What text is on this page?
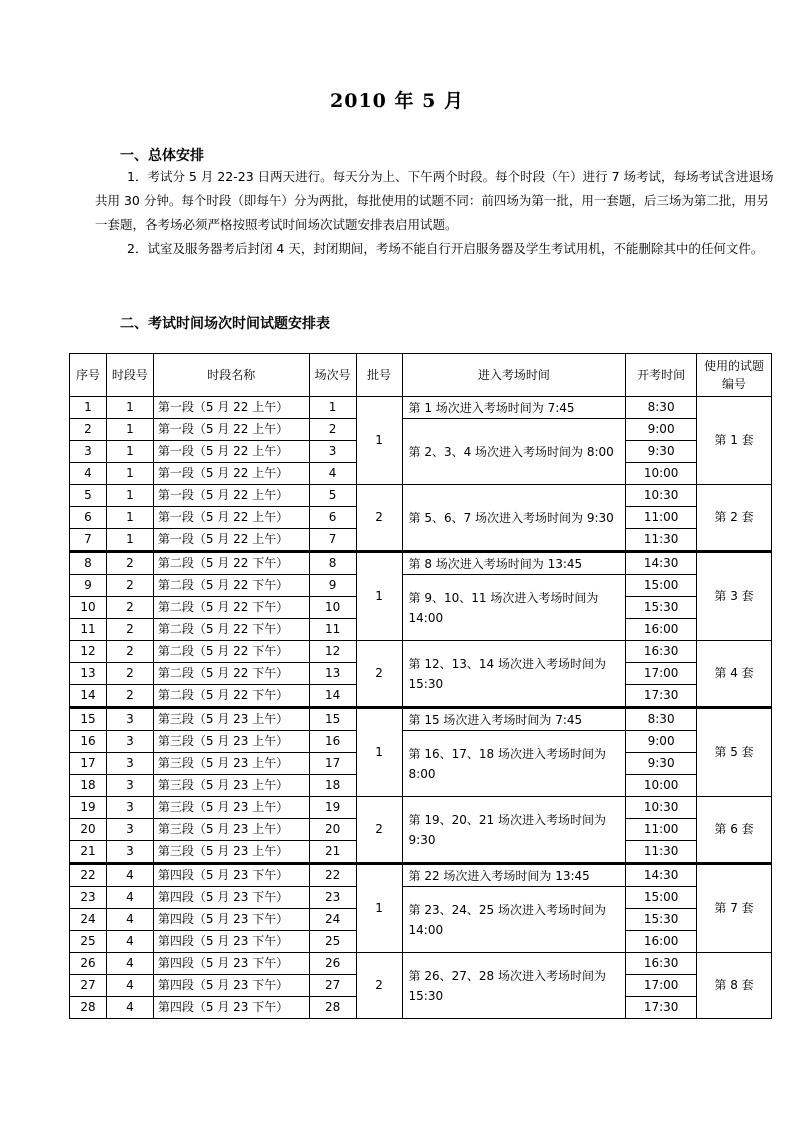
2010 年 5 月
一、总体安排

1．考试分 5 月 22-23 日两天进行。每天分为上、下午两个时段。每个时段（午）进行 7 场考试，每场考试含进退场共用 30 分钟。每个时段（即每午）分为两批，每批使用的试题不同：前四场为第一批，用一套题，后三场为第二批，用另一套题，各考场必须严格按照考试时间场次试题安排表启用试题。

2．试室及服务器考后封闭 4 天，封闭期间，考场不能自行开启服务器及学生考试用机，不能删除其中的任何文件。

二、考试时间场次时间试题安排表
序号	时段号	时段名称	场次号	批号	进入考场时间	开考时间	使用的试题编号
1	1	第一段（5 月 22 上午）	1	1	第 1 场次进入考场时间为 7:45	8:30	第 1 套
2	1	第一段（5 月 22 上午）	2		第 2、3、4 场次进入考场时间为 8:00	9:00	
3	1	第一段（5 月 22 上午）	3			9:30	
4	1	第一段（5 月 22 上午）	4			10:00	
5	1	第一段（5 月 22 上午）	5	2	第 5、6、7 场次进入考场时间为 9:30	10:30	第 2 套
6	1	第一段（5 月 22 上午）	6			11:00	
7	1	第一段（5 月 22 上午）	7			11:30	
8	2	第二段（5 月 22 下午）	8	1	第 8 场次进入考场时间为 13:45	14:30	第 3 套
9	2	第二段（5 月 22 下午）	9		第 9、10、11 场次进入考场时间为 14:00	15:00	
10	2	第二段（5 月 22 下午）	10			15:30	
11	2	第二段（5 月 22 下午）	11			16:00	
12	2	第二段（5 月 22 下午）	12	2	第 12、13、14 场次进入考场时间为 15:30	16:30	第 4 套
13	2	第二段（5 月 22 下午）	13			17:00	
14	2	第二段（5 月 22 下午）	14			17:30	
15	3	第三段（5 月 23 上午）	15	1	第 15 场次进入考场时间为 7:45	8:30	第 5 套
16	3	第三段（5 月 23 上午）	16		第 16、17、18 场次进入考场时间为 8:00	9:00	
17	3	第三段（5 月 23 上午）	17			9:30	
18	3	第三段（5 月 23 上午）	18			10:00	
19	3	第三段（5 月 23 上午）	19	2	第 19、20、21 场次进入考场时间为 9:30	10:30	第 6 套
20	3	第三段（5 月 23 上午）	20			11:00	
21	3	第三段（5 月 23 上午）	21			11:30	
22	4	第四段（5 月 23 下午）	22	1	第 22 场次进入考场时间为 13:45	14:30	第 7 套
23	4	第四段（5 月 23 下午）	23		第 23、24、25 场次进入考场时间为 14:00	15:00	
24	4	第四段（5 月 23 下午）	24			15:30	
25	4	第四段（5 月 23 下午）	25			16:00	
26	4	第四段（5 月 23 下午）	26	2	第 26、27、28 场次进入考场时间为 15:30	16:30	第 8 套
27	4	第四段（5 月 23 下午）	27			17:00	
28	4	第四段（5 月 23 下午）	28			17:30	
